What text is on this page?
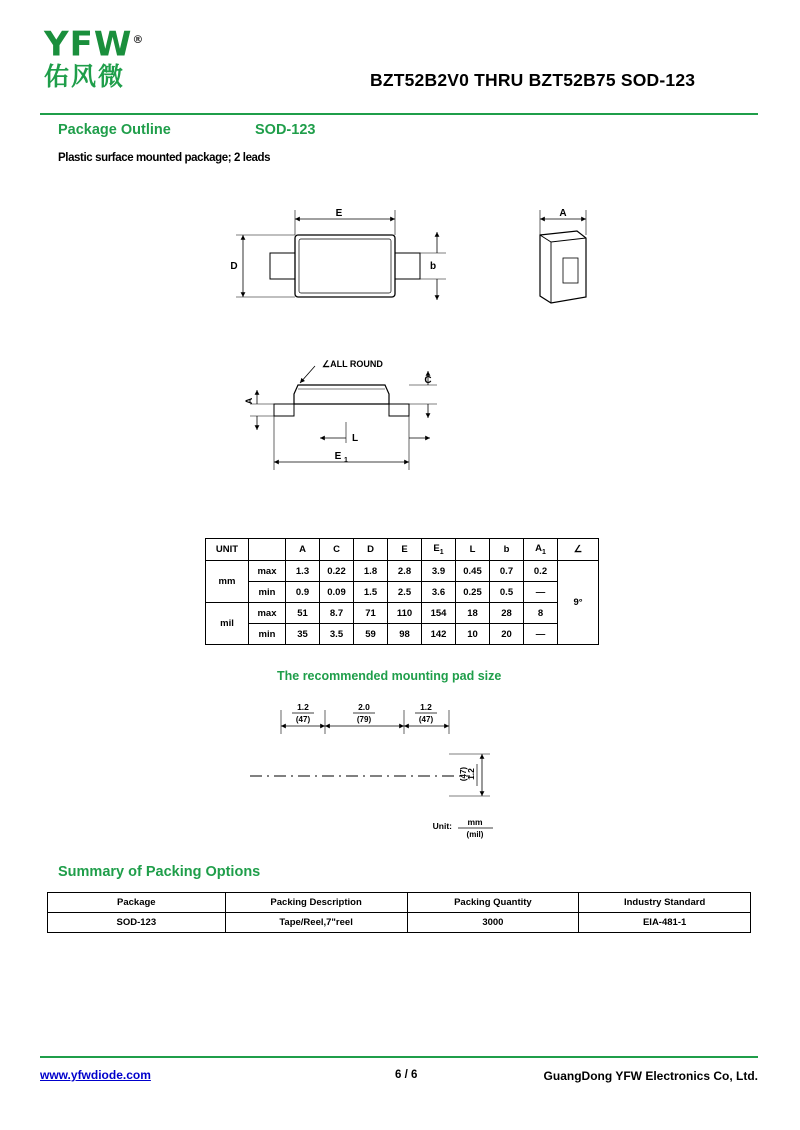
YFW®
佑风微	BZT52B2V0 THRU BZT52B75 SOD-123
Package Outline	SOD-123
Plastic surface mounted package; 2 leads
E
b
D
A
∠ALL ROUND
A
C
L
E 1
UNIT		A	C	D	E	$E_1$	L	b	$A_1$	∠
mm	max	1.3	0.22	1.8	2.8	3.9	0.45	0.7	0.2	9°
	min	0.9	0.09	1.5	2.5	3.6	0.25	0.5	—	
mil	max	51	8.7	71	110	154	18	28	8	
	min	35	3.5	59	98	142	10	20	—	
The recommended mounting pad size
1.2
(47)
2.0
(79)
1.2
(47)
1.2
(47)
Unit: mm
(mil)
Summary of Packing Options
Package	Packing Description	Packing Quantity	Industry Standard
SOD-123	Tape/Reel,7"reel	3000	EIA-481-1
www.yfwdiode.com	6 / 6	GuangDong YFW Electronics Co, Ltd.
